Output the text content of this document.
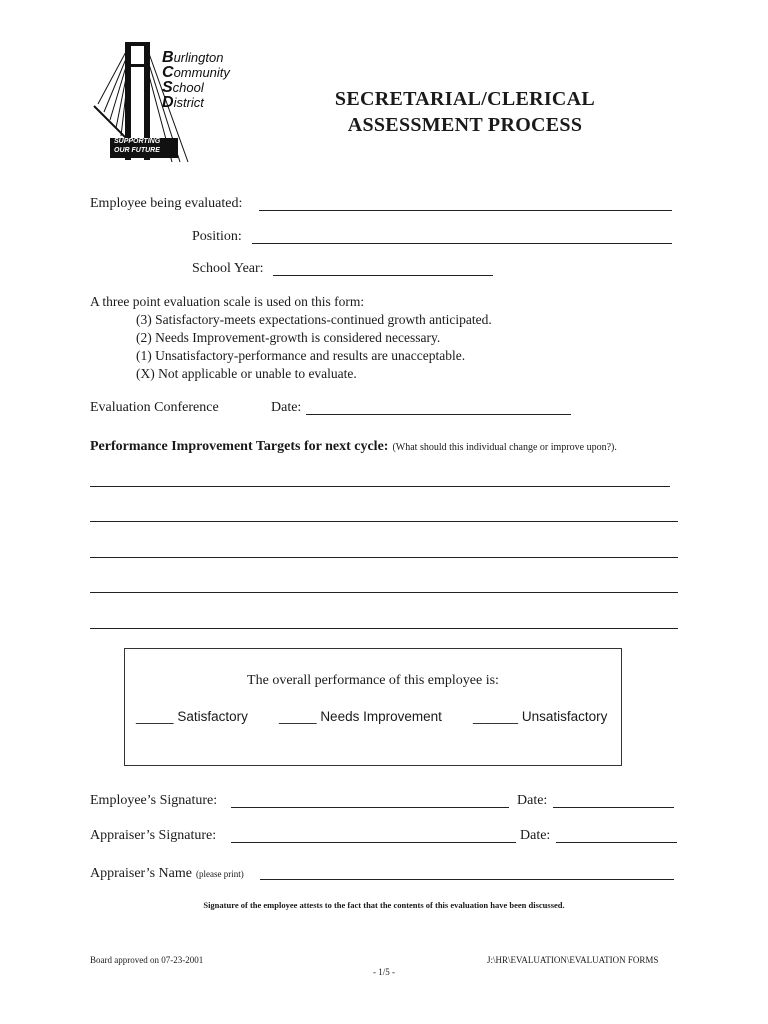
Burlington
Community
School
District
SUPPORTING
OUR FUTURE
SECRETARIAL/CLERICAL
ASSESSMENT PROCESS
Employee being evaluated:
Position:
School Year:
A three point evaluation scale is used on this form:
(3) Satisfactory-meets expectations-continued growth anticipated.
(2) Needs Improvement-growth is considered necessary.
(1) Unsatisfactory-performance and results are unacceptable.
(X) Not applicable or unable to evaluate.
Evaluation Conference	Date:
Performance Improvement Targets for next cycle: (What should this individual change or improve upon?).
The overall performance of this employee is:
_____ Satisfactory _____ Needs Improvement ______ Unsatisfactory
Employee’s Signature:	Date:
Appraiser’s Signature:	Date:
Appraiser’s Name (please print)
Signature of the employee attests to the fact that the contents of this evaluation have been discussed.
Board approved on 07-23-2001	J:\HR\EVALUATION\EVALUATION FORMS
- 1/5 -
